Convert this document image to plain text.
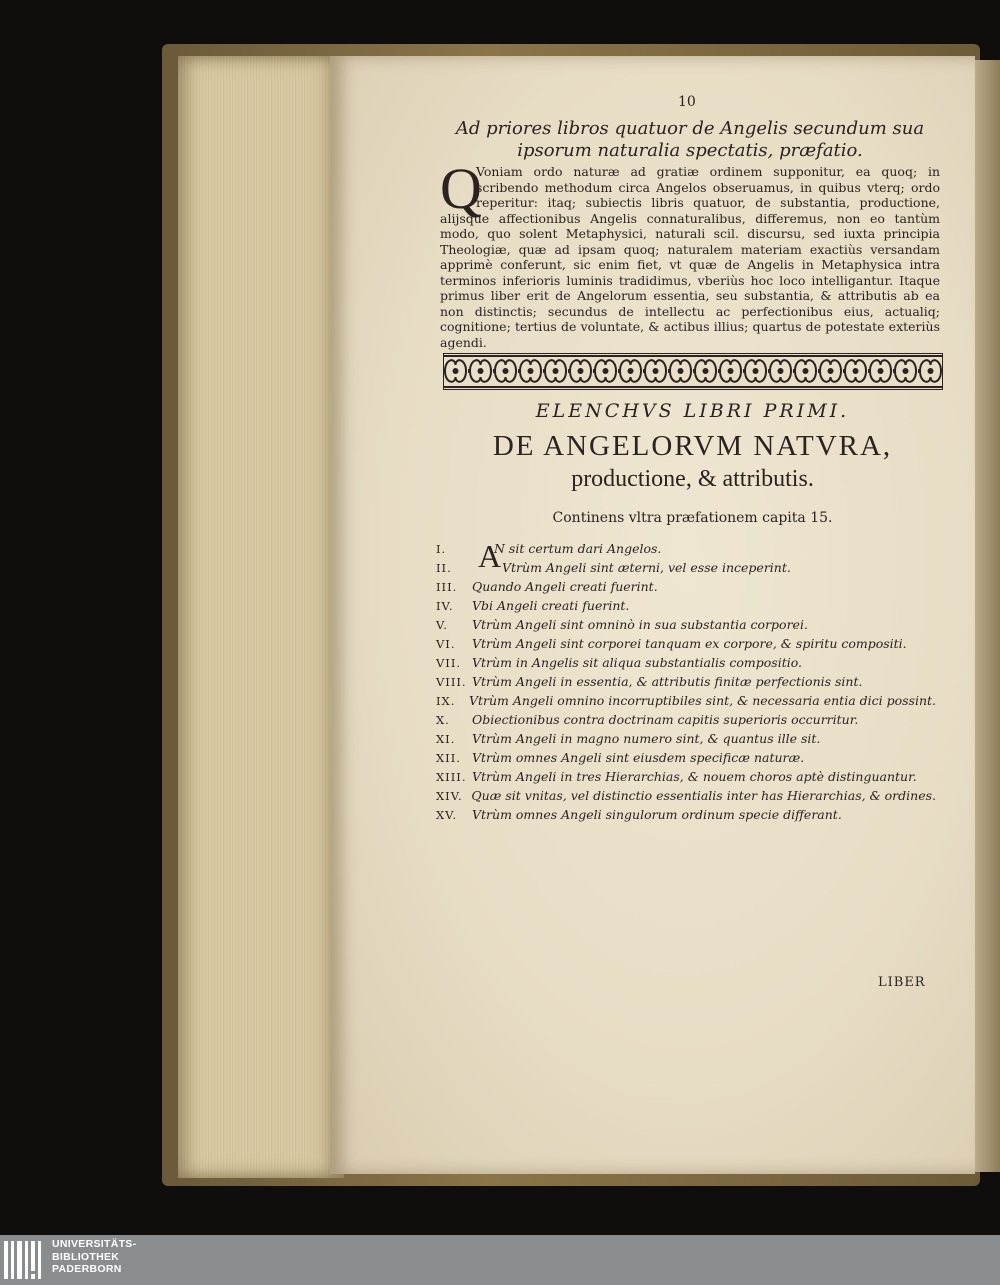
10
Ad priores libros quatuor de Angelis secundum sua ipsorum naturalia spectatis, præfatio.
Q
Voniam ordo naturæ ad gratiæ ordinem supponitur, ea quoq; in scribendo methodum circa Angelos obseruamus, in quibus vterq; ordo reperitur: itaq; subiectis libris quatuor, de substantia, productione, alijsque affectionibus Angelis connaturalibus, differemus, non eo tantùm modo, quo solent Metaphysici, naturali scil. discursu, sed iuxta principia Theologiæ, quæ ad ipsam quoq; naturalem materiam exactiùs versandam apprimè conferunt, sic enim fiet, vt quæ de Angelis in Metaphysica intra terminos inferioris luminis tradidimus, vberiùs hoc loco intelligantur. Itaque primus liber erit de Angelorum essentia, seu substantia, & attributis ab ea non distinctis; secundus de intellectu ac perfectionibus eius, actualiq; cognitione; tertius de voluntate, & actibus illius; quartus de potestate exteriùs agendi.
ELENCHVS LIBRI PRIMI.
DE ANGELORVM NATVRA,
productione, & attributis.
Continens vltra præfationem capita 15.
A
I.	N sit certum dari Angelos.
II.	Vtrùm Angeli sint æterni, vel esse inceperint.
III.	Quando Angeli creati fuerint.
IV.	Vbi Angeli creati fuerint.
V.	Vtrùm Angeli sint omninò in sua substantia corporei.
VI.	Vtrùm Angeli sint corporei tanquam ex corpore, & spiritu compositi.
VII. Vtrùm in Angelis sit aliqua substantialis compositio.
VIII. Vtrùm Angeli in essentia, & attributis finitæ perfectionis sint.
IX.	Vtrùm Angeli omnino incorruptibiles sint, & necessaria entia dici possint.
X.	Obiectionibus contra doctrinam capitis superioris occurritur.
XI.	Vtrùm Angeli in magno numero sint, & quantus ille sit.
XII. Vtrùm omnes Angeli sint eiusdem specificæ naturæ.
XIII. Vtrùm Angeli in tres Hierarchias, & nouem choros aptè distinguantur.
XIV. Quæ sit vnitas, vel distinctio essentialis inter has Hierarchias, & ordines.
XV.	Vtrùm omnes Angeli singulorum ordinum specie differant.
LIBER
UNIVERSITÄTS-
BIBLIOTHEK
PADERBORN
